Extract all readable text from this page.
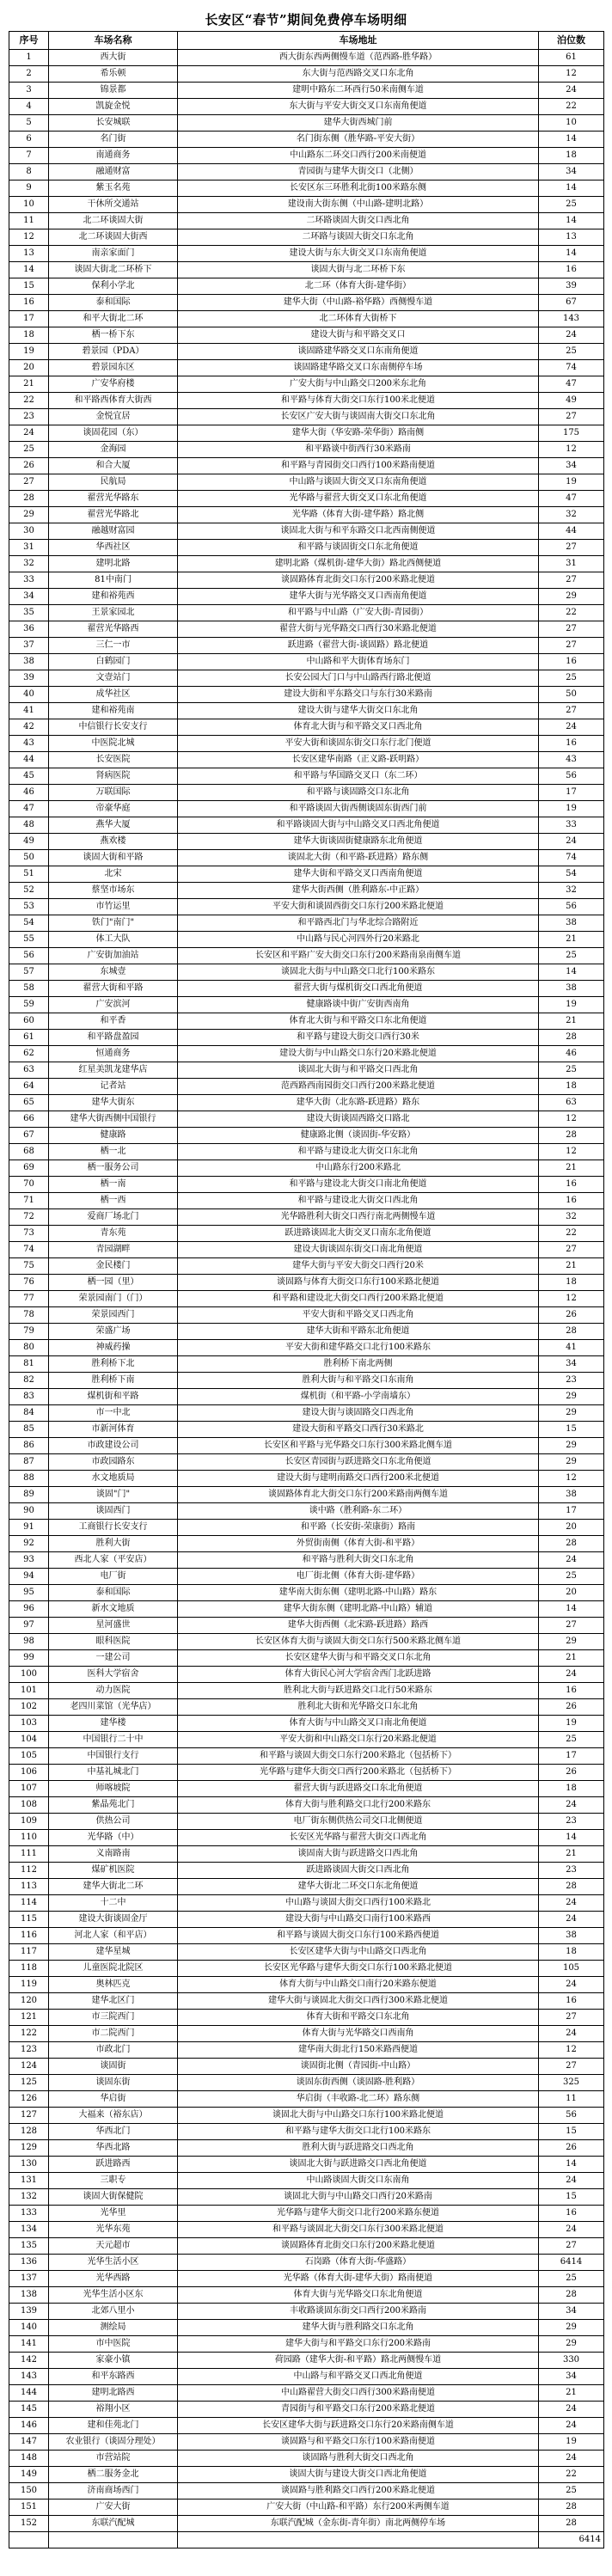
长安区“春节”期间免费停车场明细
序号	车场名称	车场地址	泊位数
1	西大街	西大街东西两侧慢车道（范西路-胜华路）	61
2	希乐顿	东大街与范西路交叉口东北角	12
3	锦景都	建明中路东二环西行50米南侧车道	24
4	凯旋金悦	东大街与平安大街交叉口东南角便道	22
5	长安城联	建华大街西城门前	10
6	名门街	名门街东侧（胜华路-平安大街）	14
7	南通商务	中山路东二环交口西行200米南便道	18
8	融通财富	青园街与建华大街交口（北侧）	34
9	紫玉名苑	长安区东三环胜利北街100米路东侧	14
10	干休所交通站	建设南大街东侧（中山路-建明北路）	25
11	北二环谈固大街	二环路谈固大街交口西北角	14
12	北二环谈固大街西	二环路与谈固大街交口东北角	13
13	南亲家面门	建设大街与东大街交叉口东南角便道	14
14	谈固大街北二环桥下	谈固大街与北二环桥下东	16
15	保利小学北	北二环（体育大街-建华街）	39
16	泰和国际	建华大街（中山路-裕华路）西侧慢车道	67
17	和平大街北二环	北二环体育大街桥下	143
18	栖一桥下东	建设大街与和平路交叉口	24
19	碧景园（PDA）	谈固路建华路交叉口东南角便道	25
20	碧景园东区	谈固路建华路交叉口东南侧停车场	74
21	广安华府楼	广安大街与中山路交口200米东北角	47
22	和平路西体育大街西	和平路与体育大街交口东行100米北便道	49
23	金悦宜居	长安区广安大街与谈固南大街交口东北角	27
24	谈固花园（东）	建华大街（华安路-荣华街）路南侧	175
25	金海园	和平路谈中街西行30米路南	12
26	和合大厦	和平路与青园街交口西行100米路南便道	34
27	民航局	中山路与谈固大街交叉口东南角便道	19
28	翟营光华路东	光华路与翟营大街交叉口东北角便道	47
29	翟营光华路北	光华路（体育大街-建华路）路北侧	32
30	融越财富园	谈固北大街与和平东路交口北西南侧便道	44
31	华西社区	和平路与谈固街交口东北角便道	27
32	建明北路	建明北路（煤机街-建华大街）路北西侧便道	31
33	81中南门	谈固路体育北街交口东行200米路北便道	27
34	建和裕苑西	建华大街与光华路交叉口西南角便道	29
35	王景家园北	和平路与中山路（广安大街-青园街）	22
36	翟营光华路西	翟营大街与光华路交口西行30米路北便道	27
37	三仁一市	跃进路（翟营大街-谈固路）路北便道	27
38	白鹤园门	中山路和平大街体育场东门	16
39	文壹站门	长安公园大门口与中山路西行路北便道	25
40	成华社区	建设大街和平东路交口与东行30米路南	50
41	建和裕苑南	建设大街与建华大街交口东北角	27
42	中信银行长安支行	体育北大街与和平路交叉口西北角	24
43	中医院北城	平安大街和谈固东街交口东行北门便道	16
44	长安医院	长安区建华南路（正义路-跃明路）	43
45	肾病医院	和平路与华国路交叉口（东二环）	56
46	万联国际	和平路与谈固路交口东北角	17
47	帝豪华庭	和平路谈固大街西侧谈固东街西门前	19
48	燕华大厦	和平路谈固大街与中山路交叉口西北角便道	33
49	燕欢楼	建华大街谈固街健康路东北角便道	24
50	谈固大街和平路	谈固北大街（和平路-跃进路）路东侧	74
51	北宋	建华大街和平路交叉口西南角便道	54
52	蔡坚市场东	建华大街西侧（胜利路东-中正路）	32
53	市竹运里	平安大街和谈固西街交口东行200米路北便道	56
54	铁门"南门"	和平路西北门与华北综合路附近	38
55	体工大队	中山路与民心河四外行20米路北	21
56	广安街加油站	长安区和平路广安大街交口东行200米路南泉南侧车道	25
57	东城壹	谈固北大街与中山路交口北行100米路东	14
58	翟营大街和平路	翟营大街与煤机街交口西北角便道	38
59	广安滨河	健康路谈中街广安街西南角	19
60	和平香	体育北大街与和平路交口东北角便道	21
61	和平路盘盈园	和平路与建设大街交口西行30米	28
62	恒通商务	建设大街与中山路交口东行20米路北便道	46
63	红星美凯龙建华店	谈固北大街与和平路交口西北角	25
64	记者站	范西路西南园街交口西行200米路北便道	18
65	建华大街东	建华大街（北东路-跃进路）路东	63
66	建华大街西侧中国银行	建设大街谈固西路交口路北	12
67	健康路	健康路北侧（谈固街-华安路）	28
68	栖一北	和平路与建设北大街交口东北角	12
69	栖一服务公司	中山路东行200米路北	21
70	栖一南	和平路与建设北大街交口南北角便道	16
71	栖一西	和平路与建设北大街交口西北角	16
72	爱商厂场北门	光华路胜利大街交口西行南北两侧慢车道	32
73	青东苑	跃进路谈固北大街交叉口南东北角便道	22
74	青园湖畔	建设大街谈固东街交口南北角便道	27
75	金民楼门	建华大街与平安大街交口西行20米	21
76	栖一园（里）	谈固路与体育大街交口东行100米路北便道	18
77	荣景园南门（门）	和平路和建设北大街交口西行200米路北便道	12
78	荣景园西门	平安大街和平路交叉口西北角	26
79	荣盛广场	建华大街和平路东北角便道	28
80	神威药操	平安大街和建华路交口北行100米路东	41
81	胜利桥下北	胜利桥下南北两侧	34
82	胜利桥下南	胜利大街与和平路交口东南角	23
83	煤机街和平路	煤机街（和平路-小学南墙东）	29
84	市一中北	建设大街与谈固路交口西北角	29
85	市新河体育	建设大街和平路交口西行30米路北	15
86	市政建设公司	长安区和平路与光华路交口东行300米路北侧车道	29
87	市政园路东	长安区青园街与跃进路交口东北角便道	29
88	水文地质局	建设大街与建明南路交口西行200米北便道	12
89	谈固"门"	谈固路体育北大街交口东行200米路南两侧车道	38
90	谈固西门	谈中路（胜利路-东二环）	17
91	工商银行长安支行	和平路（长安街-荣康街）路南	20
92	胜利大街	外贸街南侧（体育大街-和平路）	28
93	西北人家（平安店）	和平路与胜利大街交口东北角	24
94	电厂街	电厂街北侧（体育大街-建华路）	25
95	泰和国际	建华南大街东侧（建明北路-中山路）路东	20
96	新水文地质	建华大街东侧（建明北路-中山路）辅道	14
97	星河盛世	建华大街西侧（北宋路-跃进路）路西	27
98	眼科医院	长安区体育大街与谈固大街交口东行500米路北侧车道	29
99	一建公司	长安区建华大街与和平路交叉口东北角	21
100	医科大学宿舍	体育大街民心河大学宿舍西门北跃进路	24
101	动力医院	胜利北大街与跃进路交口北行50米路东	16
102	老四川菜馆（光华店）	胜利北大街和光华路交口东北角	26
103	建华楼	体育大街与中山路交叉口南北角便道	19
104	中国银行二十中	平安大街和中山路交口东行20米路北便道	25
105	中国银行支行	和平路与谈固大街交口东行200米路北（包括桥下）	17
106	中基礼城北门	光华路与建华大街交口西行200米路北（包括桥下）	26
107	师喀坡院	翟营大街与跃进路交口东北角便道	18
108	紫晶苑北门	体育大街与胜利路交口北行200米路东	24
109	供热公司	电厂街东侧供热公司交口北侧便道	23
110	光华路（中）	长安区光华路与翟营大街交口西北角	14
111	义南路南	谈固南大街与跃进路交口西北角	21
112	煤矿机医院	跃进路谈固大街交口西北角	23
113	建华大街北二环	建华大街北二环交口东北角便道	28
114	十二中	中山路与谈固大街交口西行100米路北	24
115	建设大街谈固金厅	建设大街与中山路交口南行100米路西	24
116	河北人家（和平店）	和平路与谈固大街交口东行100米路西便道	38
117	建华星城	长安区建华大街与中山路交口西北角	18
118	儿童医院北院区	长安区光华路与建华大街交口东行100米路北便道	105
119	奥林匹克	体育大街与中山路交口南行20米路东便道	24
120	建华北区门	建华大街与谈固北大街交口西行300米路北便道	16
121	市三院西门	体育大街和平路交口东北角	27
122	市二院西门	体育大街与光华路交口西南角	24
123	市政北门	建华南大街北行150米路西便道	12
124	谈固街	谈固街北侧（青园街-中山路）	27
125	谈固东街	谈固东街西侧（谈固路-胜利路）	325
126	华启街	华启街（丰收路-北二环）路东侧	11
127	大福来（裕东店）	谈固北大街与中山路交口东行100米路北便道	56
128	华西北门	和平路与建华大街交口北行100米路东	15
129	华西北路	胜利大街与跃进路交口西北角	26
130	跃进路西	谈固北大街与跃进路交口西北角便道	14
131	三职专	中山路谈固大街交口东南角	24
132	谈固大街保健院	谈固北大街与中山路交口西行20米路南	15
133	光华里	光华路与建华大街交口北行200米路东便道	16
134	光华东苑	和平路与谈固北大街交口东行300米路北便道	24
135	天元超市	谈固路体育北街交口东行200米路北便道	27
136	光华生活小区	石岗路（体育大街-华盛路）	6414
137	光华西路	光华路（体育大街-建华大街）路南便道	25
138	光华生活小区东	体育大街与光华路交口东北角便道	28
139	北郊八里小	丰收路谈固东街交口西行200米路南	34
140	测绘局	建华大街与胜利路交口东北角	29
141	市中医院	建华大街与和平路交口东行200米路南	29
142	家豪小镇	荷园路（建华大街-和平路）路北两侧慢车道	330
143	和平东路西	中山路与和平路交叉口西北角便道	34
144	建明北路西	中山路翟营大街交口西行300米路南便道	21
145	裕翔小区	青园街与和平路交口东行200米路北便道	24
146	建和佳苑北门	长安区建华大街与跃进路交口东行20米路南侧车道	24
147	农业银行（谈固分理处）	谈固路与和平路交口东行100米路南便道	19
148	市营站院	谈固路与胜利大街交口西北角	24
149	栖二服务金北	谈固大街与建设大街交口西北角便道	22
150	济南商场西门	谈固路与胜利路交口西行200米路北便道	25
151	广安大街	广安大街（中山路-和平路）东行200米两侧车道	28
152	东联汽配城	东联汽配城（金东街-青年街）南北两侧停车场	28
			6414
